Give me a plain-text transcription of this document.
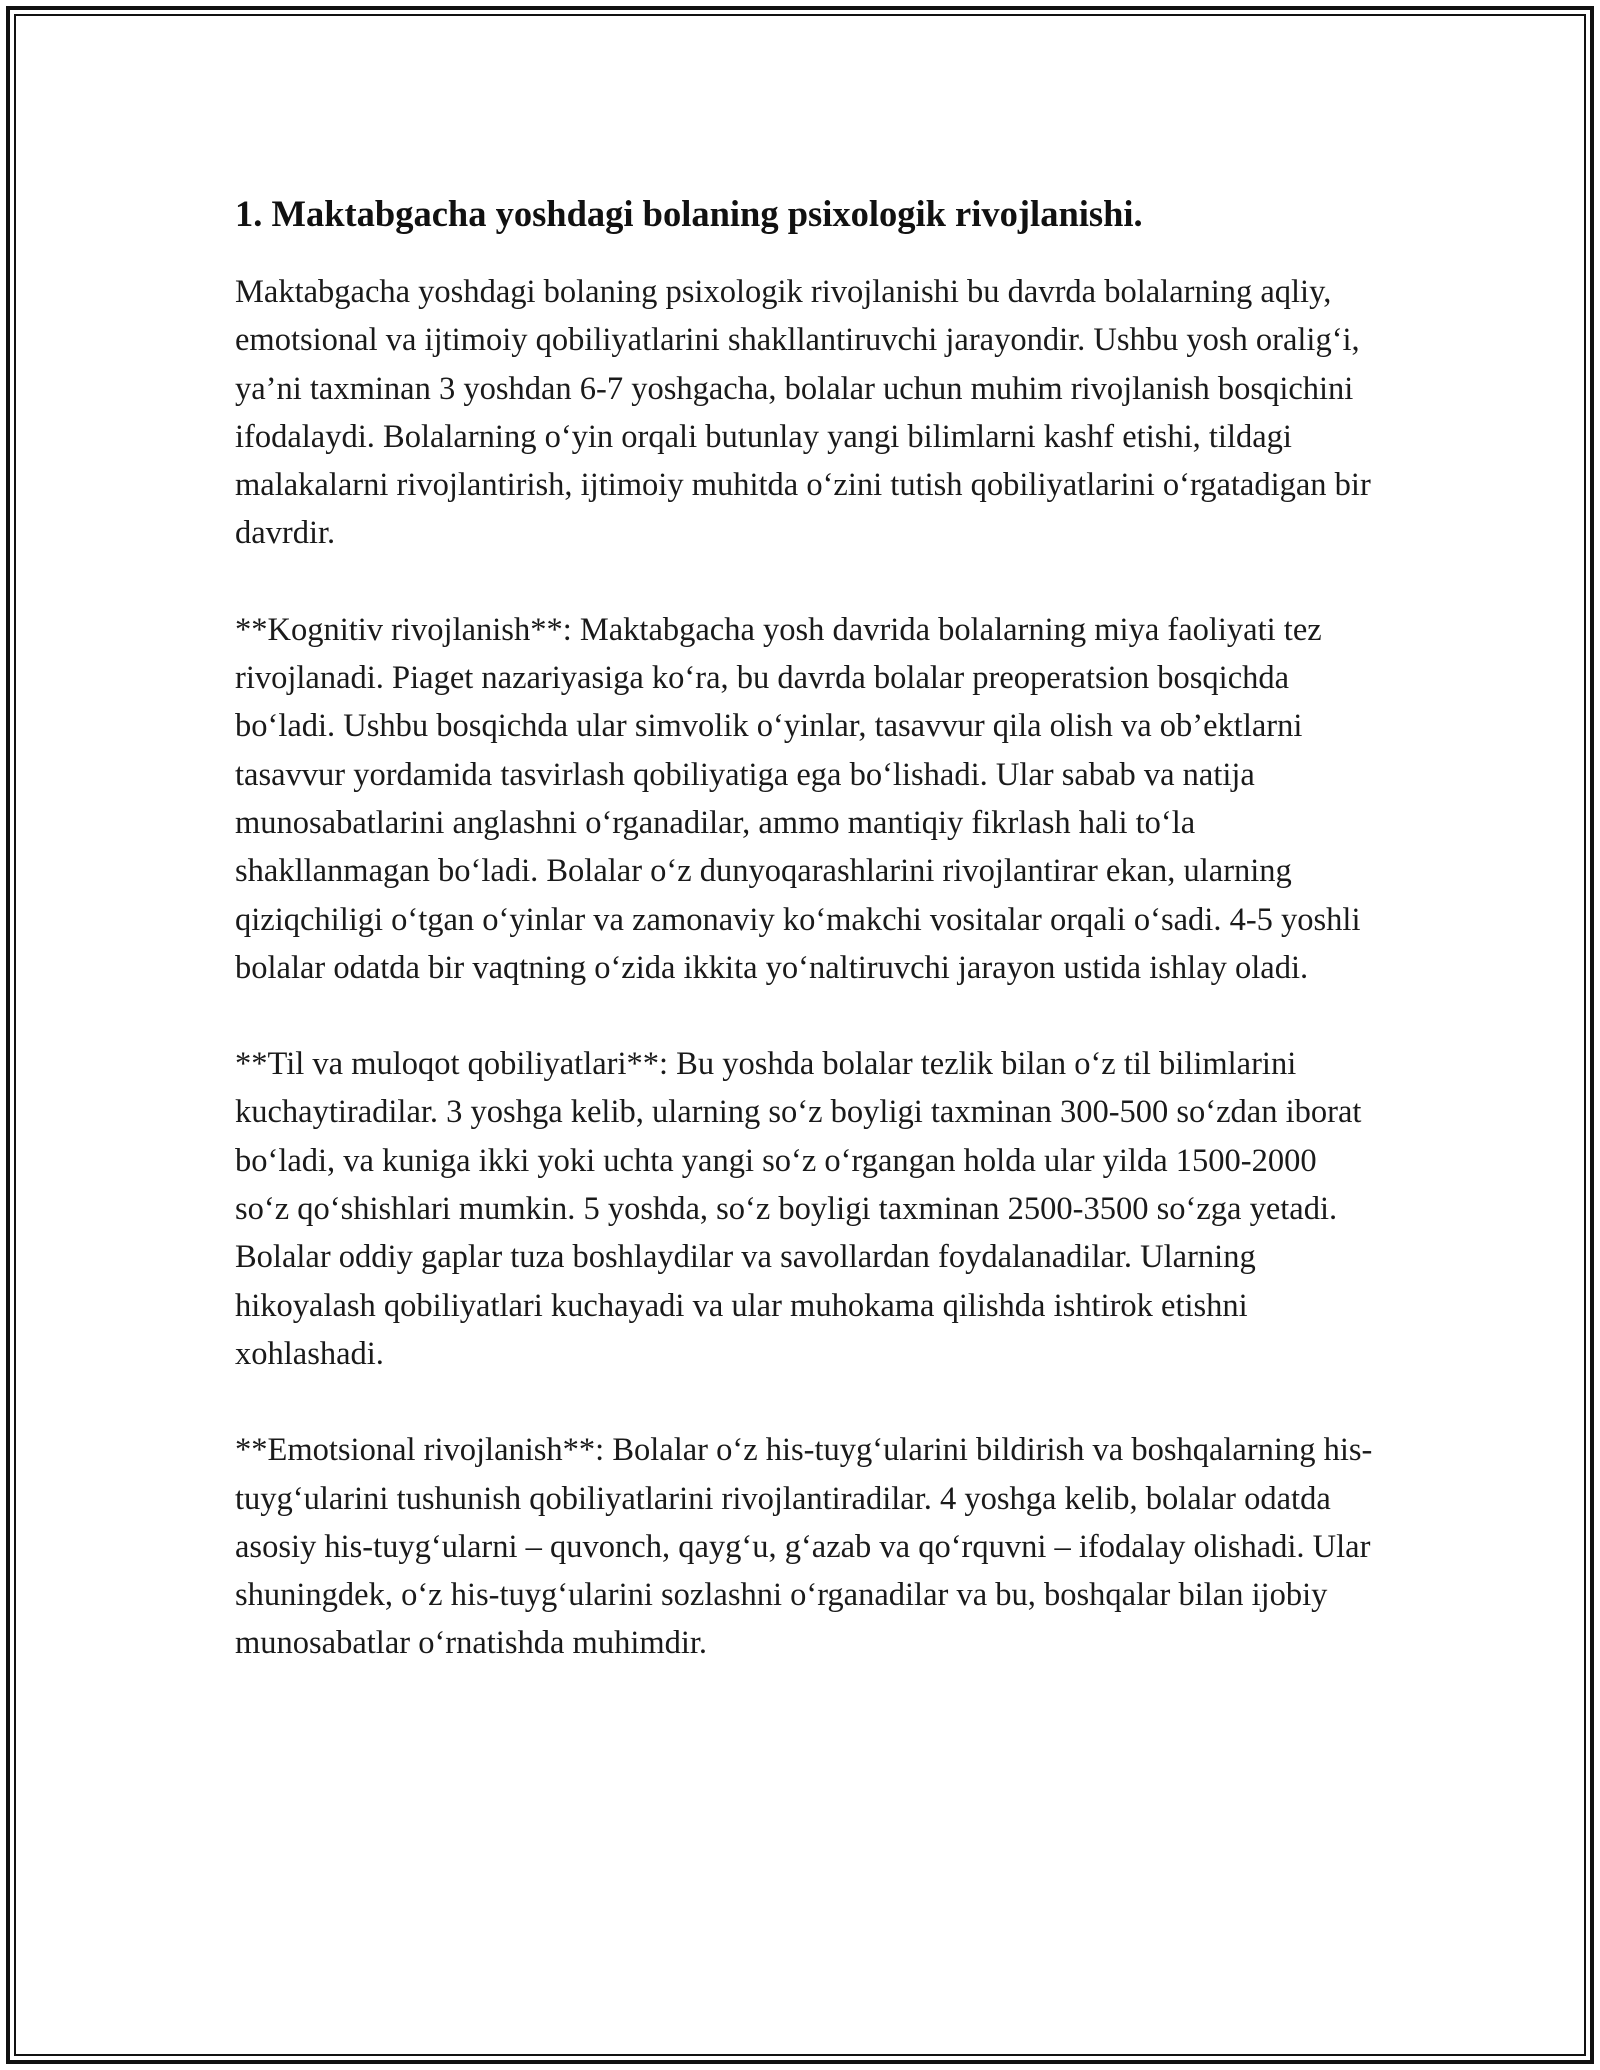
1. Maktabgacha yoshdagi bolaning psixologik rivojlanishi.

Maktabgacha yoshdagi bolaning psixologik rivojlanishi bu davrda bolalarning aqliy, emotsional va ijtimoiy qobiliyatlarini shakllantiruvchi jarayondir. Ushbu yosh oralig‘i, ya’ni taxminan 3 yoshdan 6-7 yoshgacha, bolalar uchun muhim rivojlanish bosqichini ifodalaydi. Bolalarning o‘yin orqali butunlay yangi bilimlarni kashf etishi, tildagi malakalarni rivojlantirish, ijtimoiy muhitda o‘zini tutish qobiliyatlarini o‘rgatadigan bir davrdir.

**Kognitiv rivojlanish**: Maktabgacha yosh davrida bolalarning miya faoliyati tez rivojlanadi. Piaget nazariyasiga ko‘ra, bu davrda bolalar preoperatsion bosqichda bo‘ladi. Ushbu bosqichda ular simvolik o‘yinlar, tasavvur qila olish va ob’ektlarni tasavvur yordamida tasvirlash qobiliyatiga ega bo‘lishadi. Ular sabab va natija munosabatlarini anglashni o‘rganadilar, ammo mantiqiy fikrlash hali to‘la shakllanmagan bo‘ladi. Bolalar o‘z dunyoqarashlarini rivojlantirar ekan, ularning qiziqchiligi o‘tgan o‘yinlar va zamonaviy ko‘makchi vositalar orqali o‘sadi. 4-5 yoshli bolalar odatda bir vaqtning o‘zida ikkita yo‘naltiruvchi jarayon ustida ishlay oladi.

**Til va muloqot qobiliyatlari**: Bu yoshda bolalar tezlik bilan o‘z til bilimlarini kuchaytiradilar. 3 yoshga kelib, ularning so‘z boyligi taxminan 300-500 so‘zdan iborat bo‘ladi, va kuniga ikki yoki uchta yangi so‘z o‘rgangan holda ular yilda 1500-2000 so‘z qo‘shishlari mumkin. 5 yoshda, so‘z boyligi taxminan 2500-3500 so‘zga yetadi. Bolalar oddiy gaplar tuza boshlaydilar va savollardan foydalanadilar. Ularning hikoyalash qobiliyatlari kuchayadi va ular muhokama qilishda ishtirok etishni xohlashadi.

**Emotsional rivojlanish**: Bolalar o‘z his-tuyg‘ularini bildirish va boshqalarning his-tuyg‘ularini tushunish qobiliyatlarini rivojlantiradilar. 4 yoshga kelib, bolalar odatda asosiy his-tuyg‘ularni – quvonch, qayg‘u, g‘azab va qo‘rquvni – ifodalay olishadi. Ular shuningdek, o‘z his-tuyg‘ularini sozlashni o‘rganadilar va bu, boshqalar bilan ijobiy munosabatlar o‘rnatishda muhimdir.
